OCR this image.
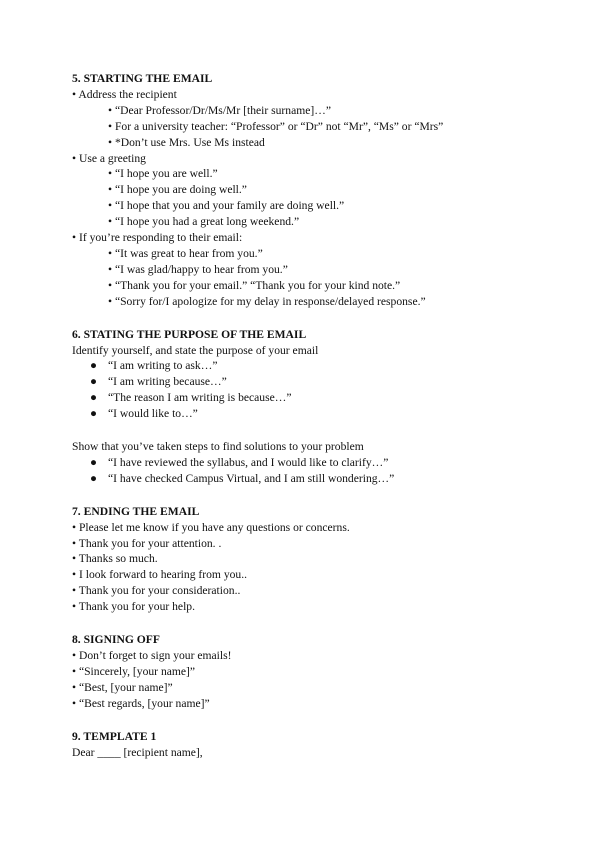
5. STARTING THE EMAIL
• Address the recipient
• “Dear Professor/Dr/Ms/Mr [their surname]…”
• For a university teacher: “Professor” or “Dr” not “Mr”, “Ms” or “Mrs”
• *Don’t use Mrs. Use Ms instead
• Use a greeting
• “I hope you are well.”
• “I hope you are doing well.”
• “I hope that you and your family are doing well.”
• “I hope you had a great long weekend.”
• If you’re responding to their email:
• “It was great to hear from you.”
• “I was glad/happy to hear from you.”
• “Thank you for your email.” “Thank you for your kind note.”
• “Sorry for/I apologize for my delay in response/delayed response.”
6. STATING THE PURPOSE OF THE EMAIL
Identify yourself, and state the purpose of your email
● “I am writing to ask…”
● “I am writing because…”
● “The reason I am writing is because…”
● “I would like to…”
Show that you’ve taken steps to find solutions to your problem
● “I have reviewed the syllabus, and I would like to clarify…”
● “I have checked Campus Virtual, and I am still wondering…”
7. ENDING THE EMAIL
• Please let me know if you have any questions or concerns.
• Thank you for your attention. .
• Thanks so much.
• I look forward to hearing from you..
• Thank you for your consideration..
• Thank you for your help.
8. SIGNING OFF
• Don’t forget to sign your emails!
• “Sincerely, [your name]”
• “Best, [your name]”
• “Best regards, [your name]”
9. TEMPLATE 1
Dear ____ [recipient name],
